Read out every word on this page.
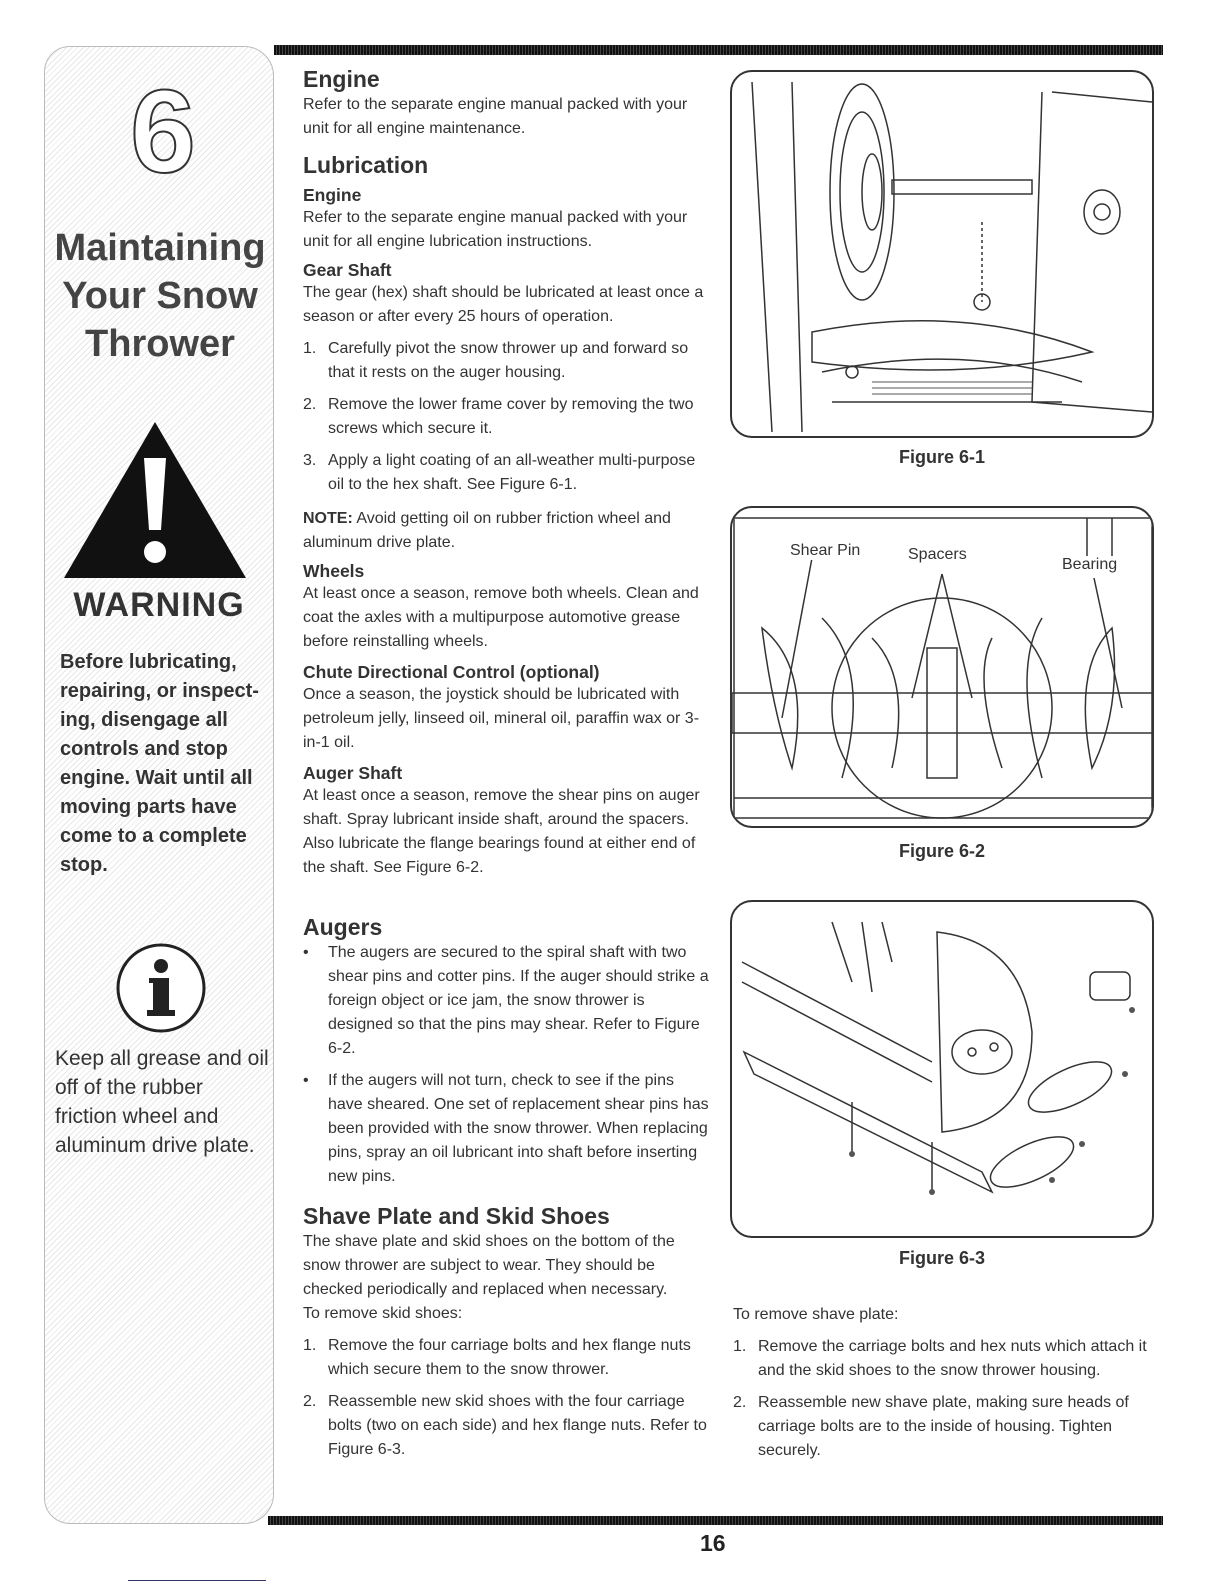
6
Maintaining
Your Snow
Thrower
WARNING
Before lubricating, repairing, or inspect-ing, disengage all controls and stop engine. Wait until all moving parts have come to a complete stop.
Keep all grease and oil off of the rubber friction wheel and aluminum drive plate.
Engine

Refer to the separate engine manual packed with your unit for all engine maintenance.

Lubrication
Engine

Refer to the separate engine manual packed with your unit for all engine lubrication instructions.

Gear Shaft

The gear (hex) shaft should be lubricated at least once a season or after every 25 hours of operation.

1. Carefully pivot the snow thrower up and forward so that it rests on the auger housing.
2. Remove the lower frame cover by removing the two screws which secure it.
3. Apply a light coating of an all-weather multi-purpose oil to the hex shaft. See Figure 6-1.

NOTE: Avoid getting oil on rubber friction wheel and aluminum drive plate.

Wheels

At least once a season, remove both wheels. Clean and coat the axles with a multipurpose automotive grease before reinstalling wheels.

Chute Directional Control (optional)

Once a season, the joystick should be lubricated with petroleum jelly, linseed oil, mineral oil, paraffin wax or 3-in-1 oil.

Auger Shaft

At least once a season, remove the shear pins on auger shaft. Spray lubricant inside shaft, around the spacers. Also lubricate the flange bearings found at either end of the shaft. See Figure 6-2.

Augers
• The augers are secured to the spiral shaft with two shear pins and cotter pins. If the auger should strike a foreign object or ice jam, the snow thrower is designed so that the pins may shear. Refer to Figure 6-2.
• If the augers will not turn, check to see if the pins have sheared. One set of replacement shear pins has been provided with the snow thrower. When replacing pins, spray an oil lubricant into shaft before inserting new pins.
Shave Plate and Skid Shoes

The shave plate and skid shoes on the bottom of the snow thrower are subject to wear. They should be checked periodically and replaced when necessary.

To remove skid shoes:

1. Remove the four carriage bolts and hex flange nuts which secure them to the snow thrower.
2. Reassemble new skid shoes with the four carriage bolts (two on each side) and hex flange nuts. Refer to Figure 6-3.

To remove shave plate:

1. Remove the carriage bolts and hex nuts which attach it and the skid shoes to the snow thrower housing.
2. Reassemble new shave plate, making sure heads of carriage bolts are to the inside of housing. Tighten securely.
Figure 6-1
Shear Pin	Spacers
Bearing
Figure 6-2
Figure 6-3
16
